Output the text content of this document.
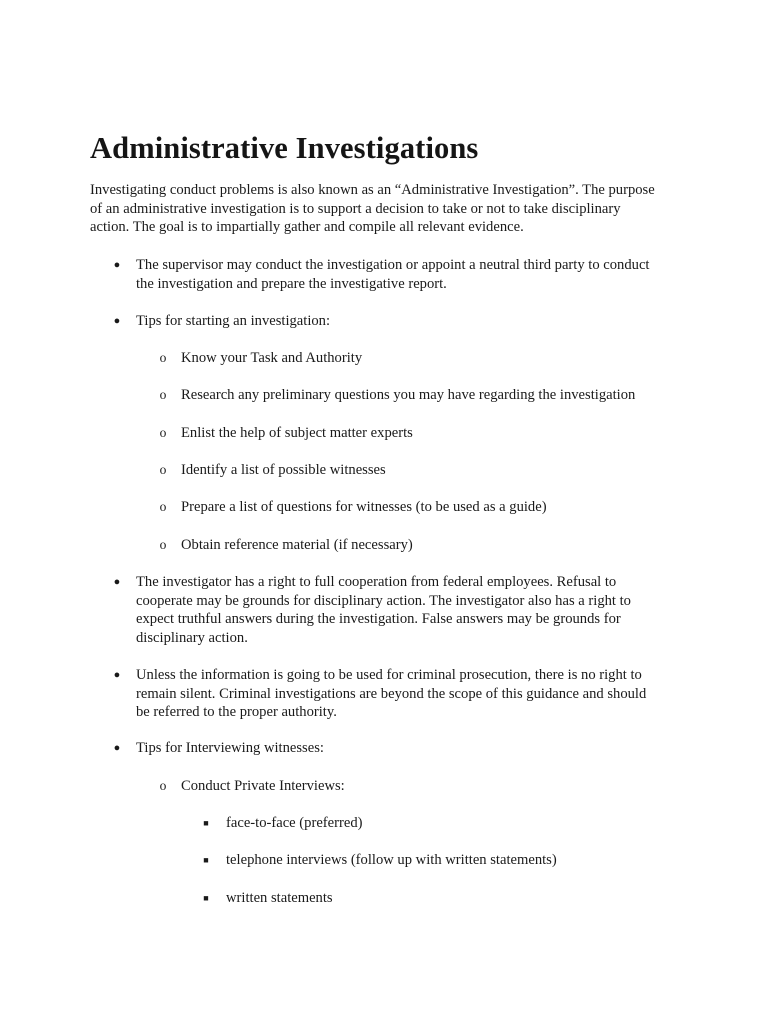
Administrative Investigations

Investigating conduct problems is also known as an “Administrative Investigation”. The purpose
of an administrative investigation is to support a decision to take or not to take disciplinary
action. The goal is to impartially gather and compile all relevant evidence.

● The supervisor may conduct the investigation or appoint a neutral third party to conduct
the investigation and prepare the investigative report.
● Tips for starting an investigation:
o Know your Task and Authority
o Research any preliminary questions you may have regarding the investigation
o Enlist the help of subject matter experts
o Identify a list of possible witnesses
o Prepare a list of questions for witnesses (to be used as a guide)
o Obtain reference material (if necessary)
● The investigator has a right to full cooperation from federal employees. Refusal to
cooperate may be grounds for disciplinary action. The investigator also has a right to
expect truthful answers during the investigation. False answers may be grounds for
disciplinary action.
● Unless the information is going to be used for criminal prosecution, there is no right to
remain silent. Criminal investigations are beyond the scope of this guidance and should
be referred to the proper authority.
● Tips for Interviewing witnesses:
o Conduct Private Interviews:
■ face-to-face (preferred)
■ telephone interviews (follow up with written statements)
■ written statements
